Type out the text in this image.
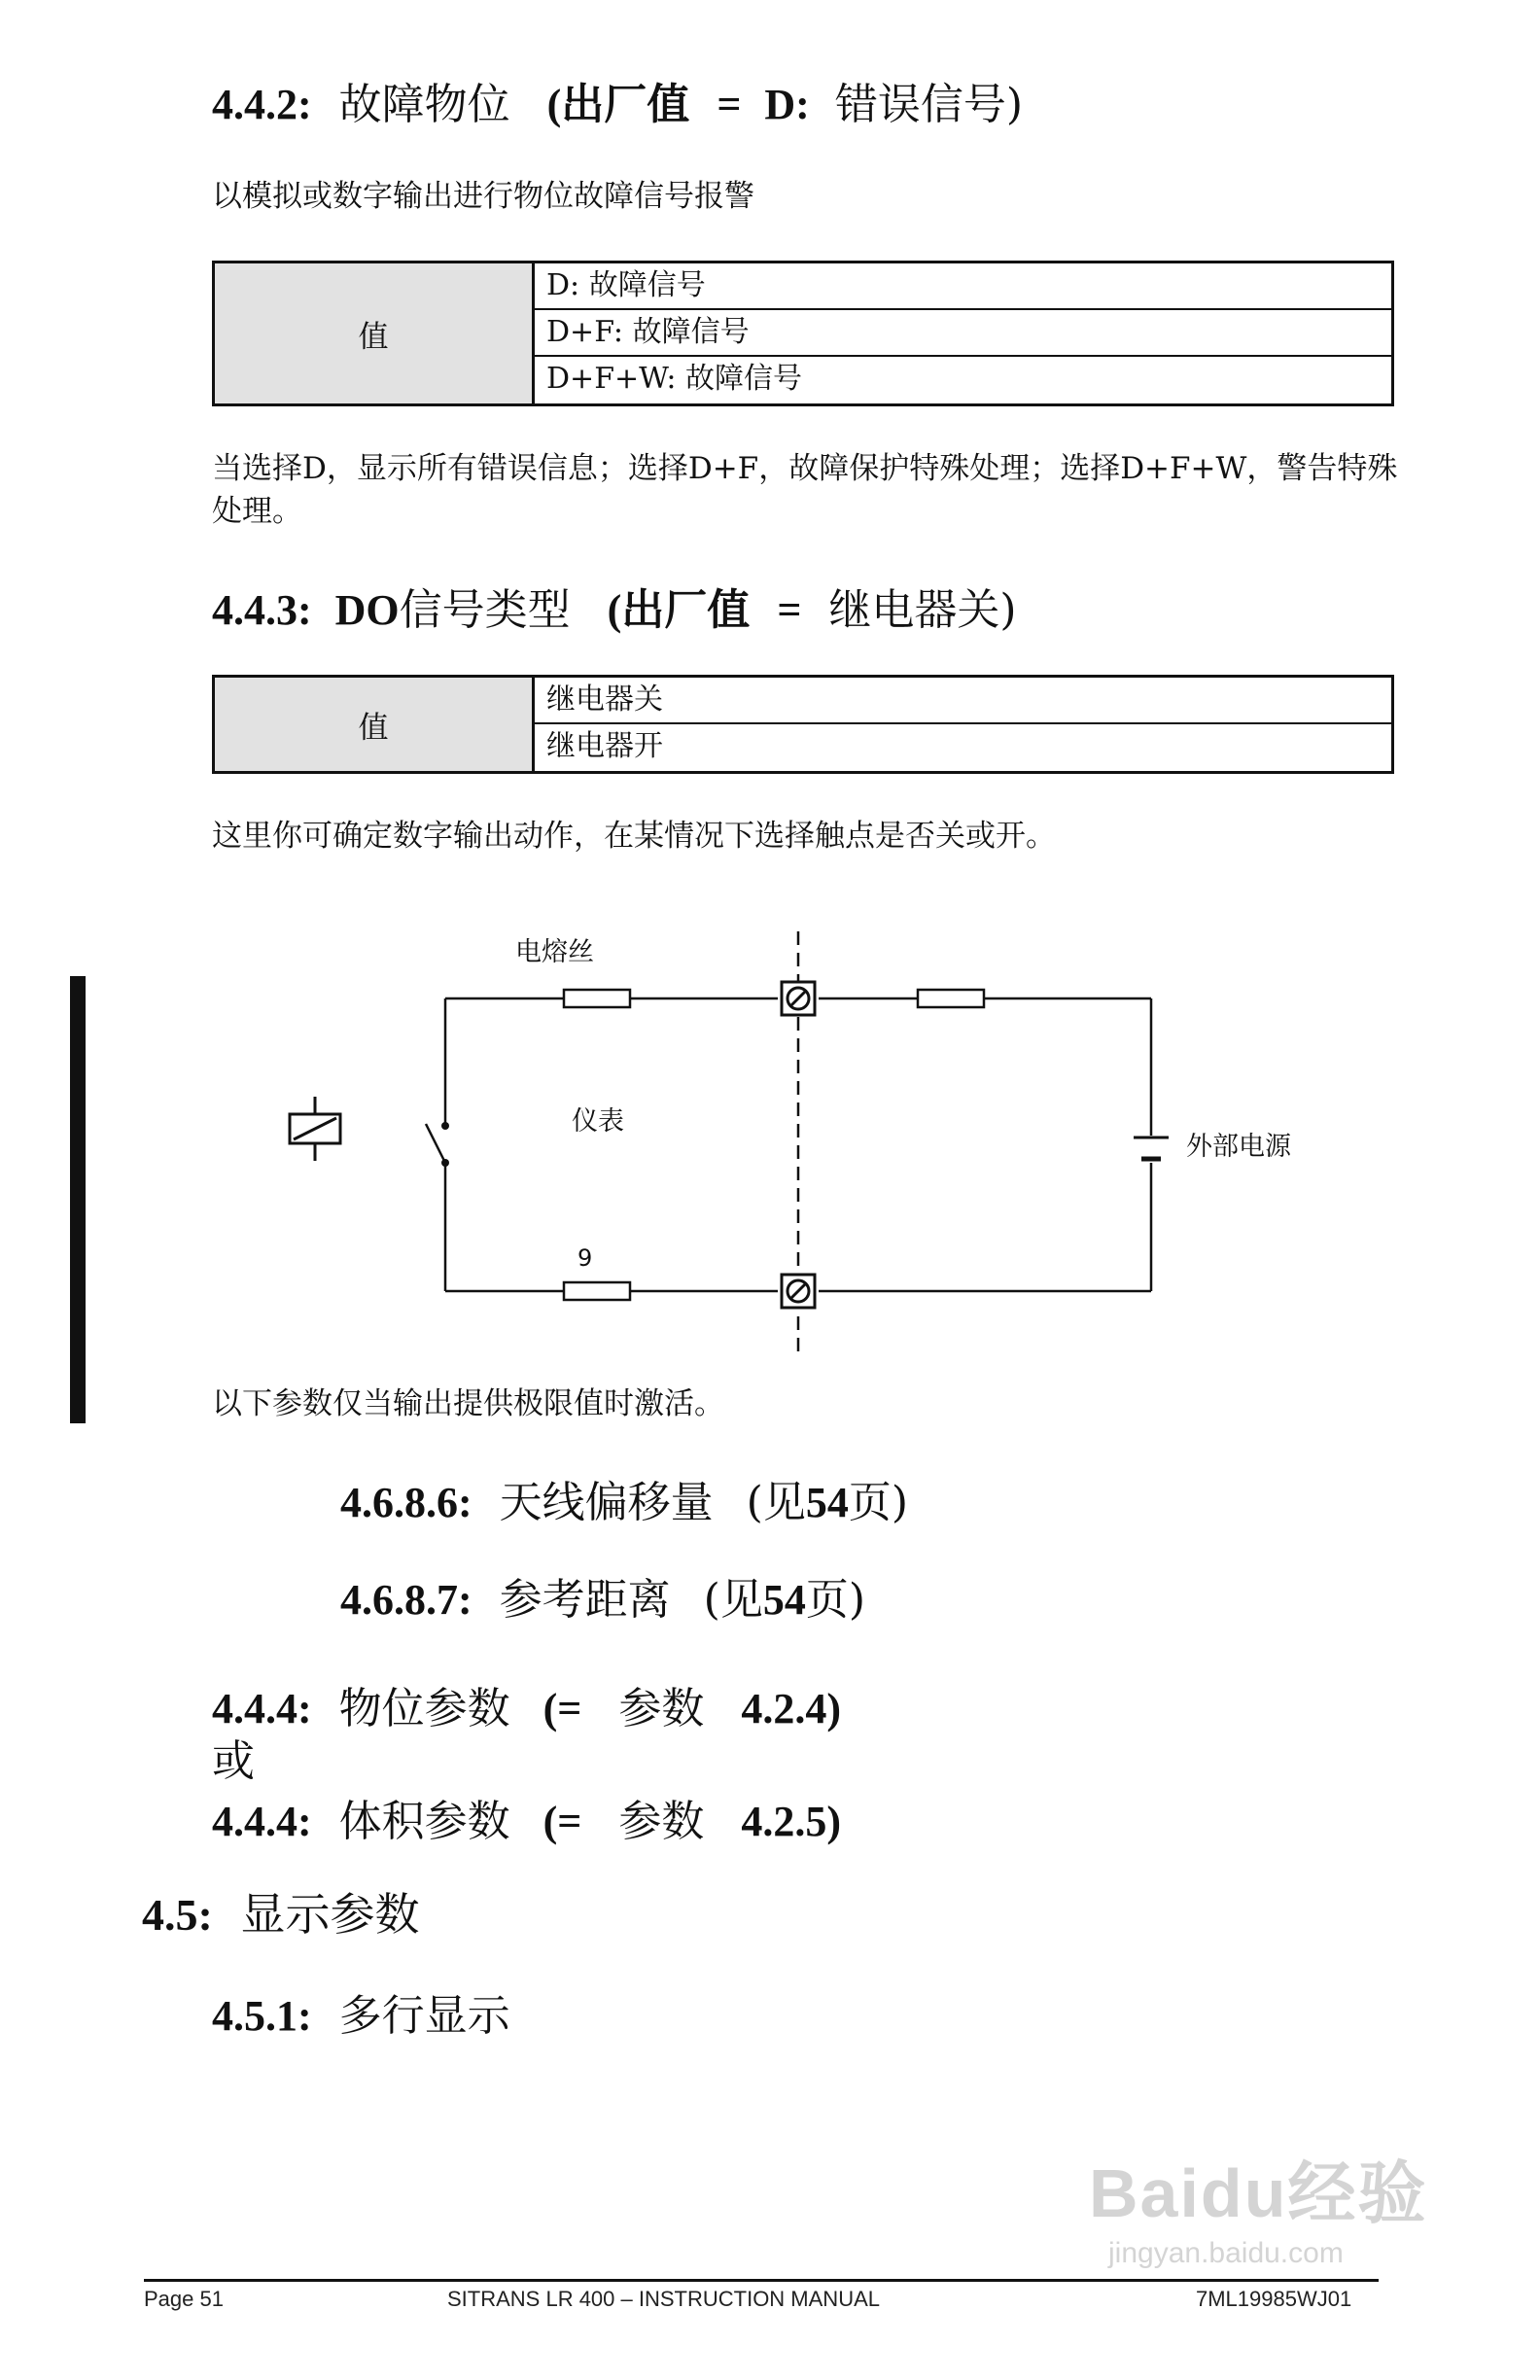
4.4.2: 故障物位 (出厂值 = D: 错误信号)
以模拟或数字输出进行物位故障信号报警
值
D: 故障信号
D+F: 故障信号
D+F+W: 故障信号
当选择D，显示所有错误信息；选择D+F，故障保护特殊处理；选择D+F+W，警告特殊处理。
4.4.3: DO信号类型 (出厂值 = 继电器关)
值
继电器关
继电器开
这里你可确定数字输出动作，在某情况下选择触点是否关或开。
电熔丝
仪表
9
外部电源
以下参数仅当输出提供极限值时激活。
4.6.8.6: 天线偏移量 (见54页)
4.6.8.7: 参考距离 (见54页)
4.4.4: 物位参数 (= 参数 4.2.4)
或
4.4.4: 体积参数 (= 参数 4.2.5)
4.5: 显示参数
4.5.1: 多行显示
Baidu经验
jingyan.baidu.com
Page 51	SITRANS LR 400 – INSTRUCTION MANUAL	7ML19985WJ01
